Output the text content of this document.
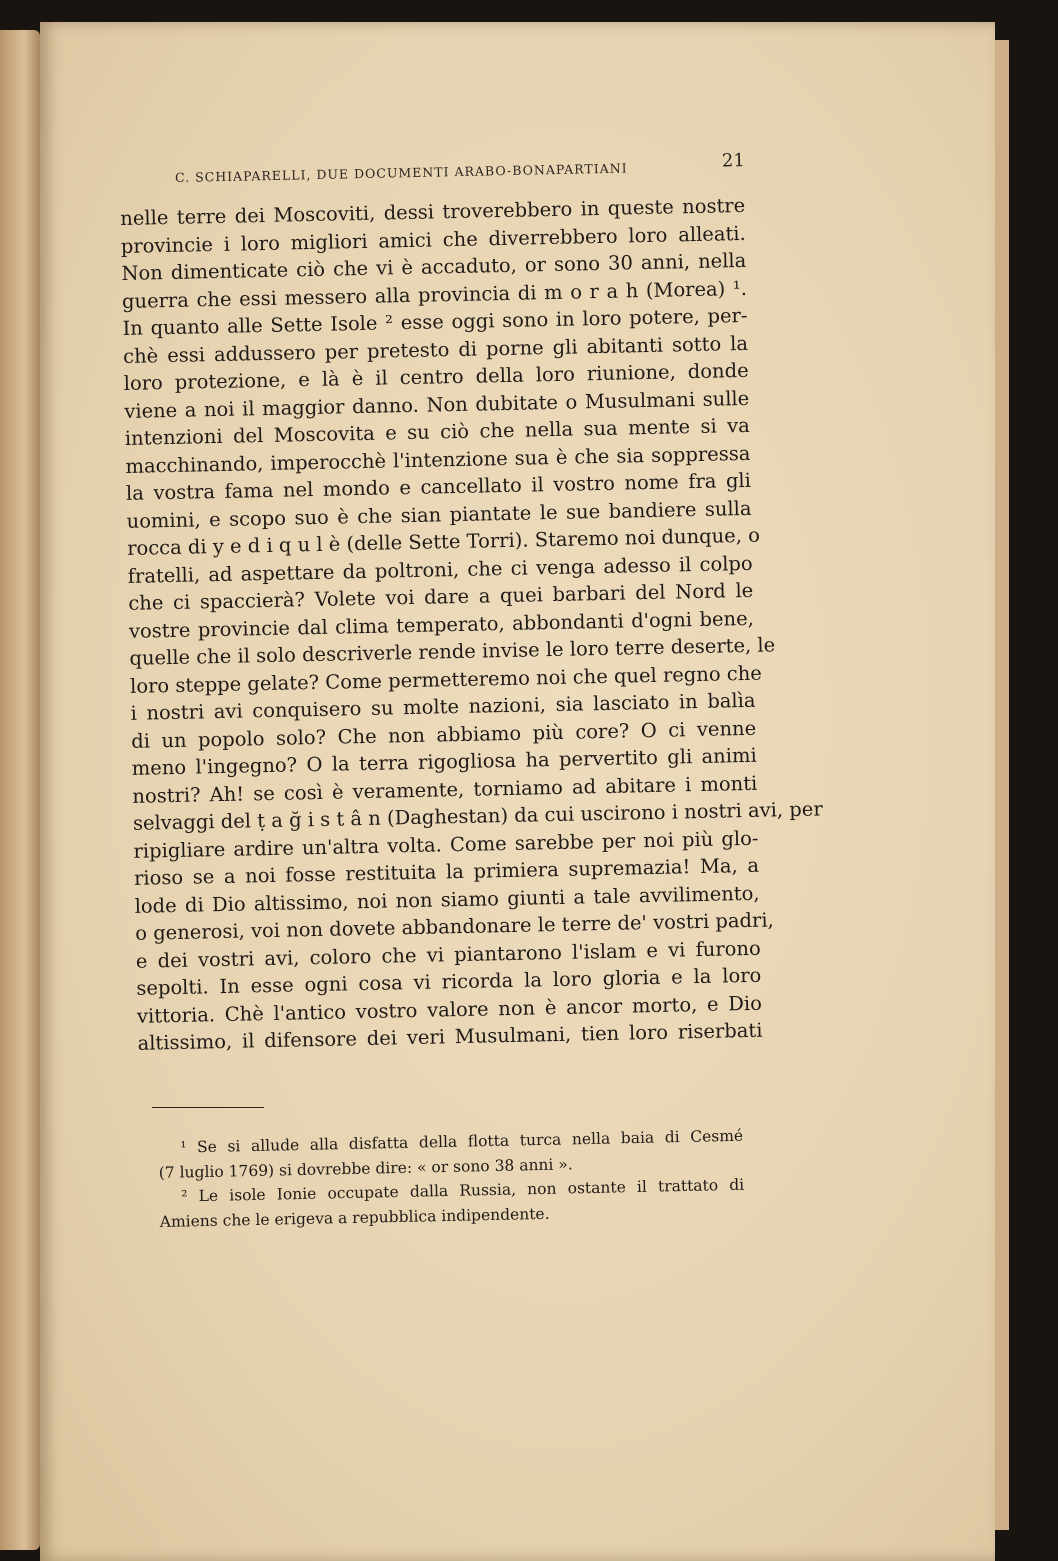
C. SCHIAPARELLI, DUE DOCUMENTI ARABO-BONAPARTIANI	21
nelle terre dei Moscoviti, dessi troverebbero in queste nostre
provincie i loro migliori amici che diverrebbero loro alleati.
Non dimenticate ciò che vi è accaduto, or sono 30 anni, nella
guerra che essi messero alla provincia di m o r a h (Morea) ¹.
In quanto alle Sette Isole ² esse oggi sono in loro potere, per-
chè essi addussero per pretesto di porne gli abitanti sotto la
loro protezione, e là è il centro della loro riunione, donde
viene a noi il maggior danno. Non dubitate o Musulmani sulle
intenzioni del Moscovita e su ciò che nella sua mente si va
macchinando, imperocchè l'intenzione sua è che sia soppressa
la vostra fama nel mondo e cancellato il vostro nome fra gli
uomini, e scopo suo è che sian piantate le sue bandiere sulla
rocca di y e d i q u l è (delle Sette Torri). Staremo noi dunque, o
fratelli, ad aspettare da poltroni, che ci venga adesso il colpo
che ci spaccierà? Volete voi dare a quei barbari del Nord le
vostre provincie dal clima temperato, abbondanti d'ogni bene,
quelle che il solo descriverle rende invise le loro terre deserte, le
loro steppe gelate? Come permetteremo noi che quel regno che
i nostri avi conquisero su molte nazioni, sia lasciato in balìa
di un popolo solo? Che non abbiamo più core? O ci venne
meno l'ingegno? O la terra rigogliosa ha pervertito gli animi
nostri? Ah! se così è veramente, torniamo ad abitare i monti
selvaggi del ṭ a ğ i s t â n (Daghestan) da cui uscirono i nostri avi, per
ripigliare ardire un'altra volta. Come sarebbe per noi più glo-
rioso se a noi fosse restituita la primiera supremazia! Ma, a
lode di Dio altissimo, noi non siamo giunti a tale avvilimento,
o generosi, voi non dovete abbandonare le terre de' vostri padri,
e dei vostri avi, coloro che vi piantarono l'islam e vi furono
sepolti. In esse ogni cosa vi ricorda la loro gloria e la loro
vittoria. Chè l'antico vostro valore non è ancor morto, e Dio
altissimo, il difensore dei veri Musulmani, tien loro riserbati
¹ Se si allude alla disfatta della flotta turca nella baia di Cesmé
(7 luglio 1769) si dovrebbe dire: « or sono 38 anni ».
² Le isole Ionie occupate dalla Russia, non ostante il trattato di
Amiens che le erigeva a repubblica indipendente.
